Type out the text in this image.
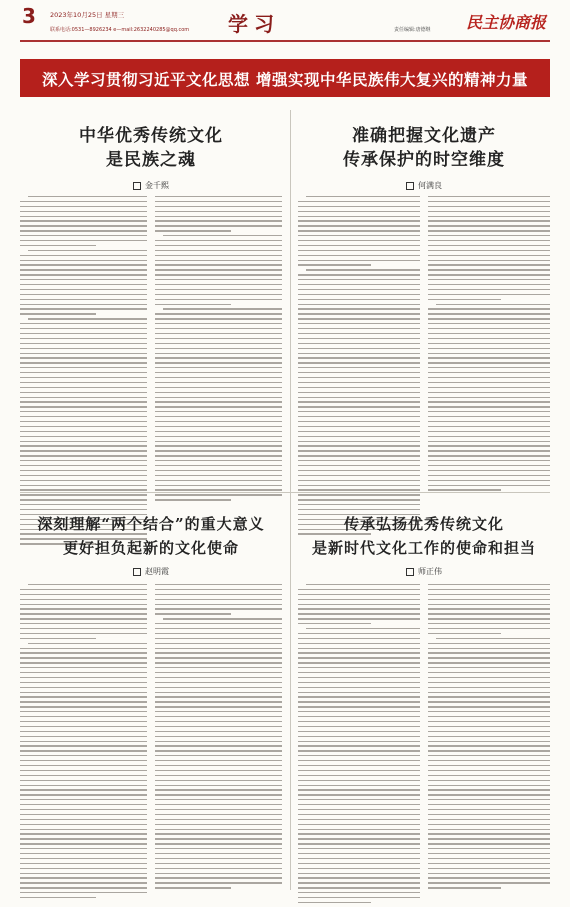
3 2023年10月25日 星期三
联系电话:0531—8926234 e—mail:2632240285@qq.com 学习	责任编辑:唐德继 民主协商报
深入学习贯彻习近平文化思想 增强实现中华民族伟大复兴的精神力量
中华优秀传统文化
是民族之魂
金千熙
准确把握文化遗产
传承保护的时空维度
何满良
深刻理解“两个结合”的重大意义
更好担负起新的文化使命
赵明霞
传承弘扬优秀传统文化
是新时代文化工作的使命和担当
师正伟
